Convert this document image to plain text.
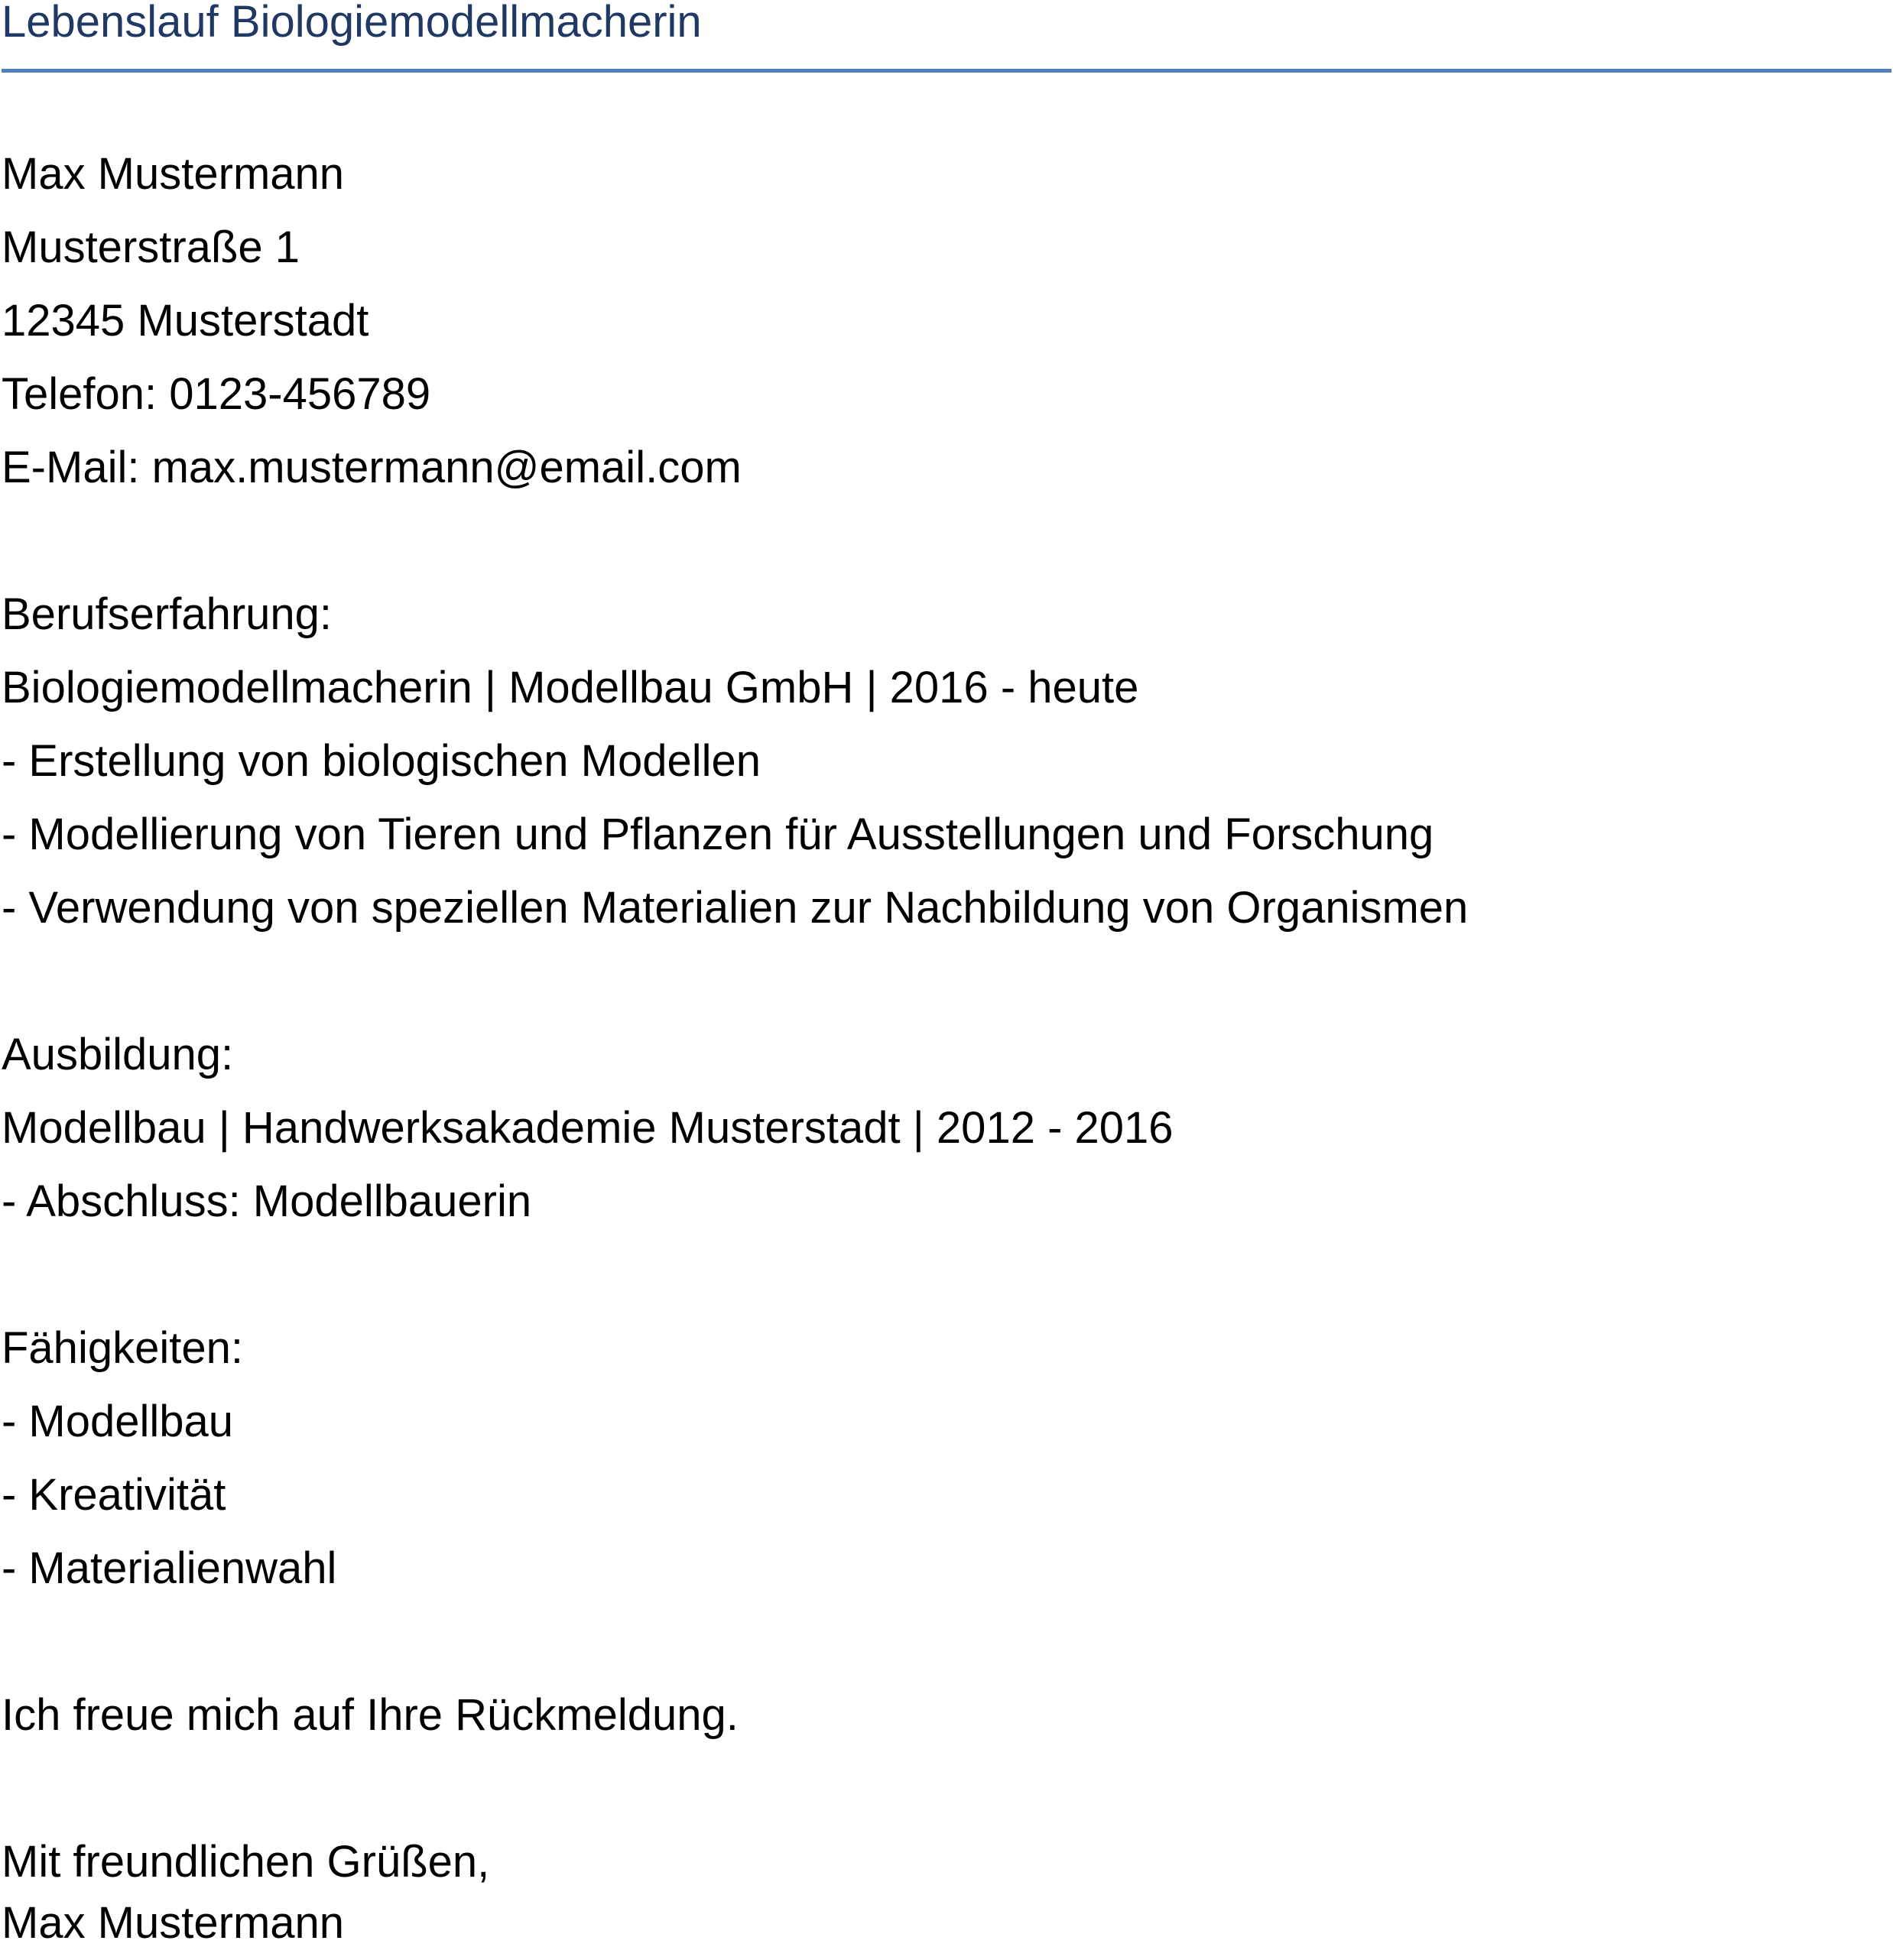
Lebenslauf Biologiemodellmacherin
Max Mustermann
Musterstraße 1
12345 Musterstadt
Telefon: 0123-456789
E-Mail: max.mustermann@email.com
Berufserfahrung:
Biologiemodellmacherin | Modellbau GmbH | 2016 - heute
- Erstellung von biologischen Modellen
- Modellierung von Tieren und Pflanzen für Ausstellungen und Forschung
- Verwendung von speziellen Materialien zur Nachbildung von Organismen
Ausbildung:
Modellbau | Handwerksakademie Musterstadt | 2012 - 2016
- Abschluss: Modellbauerin
Fähigkeiten:
- Modellbau
- Kreativität
- Materialienwahl
Ich freue mich auf Ihre Rückmeldung.
Mit freundlichen Grüßen,
Max Mustermann
